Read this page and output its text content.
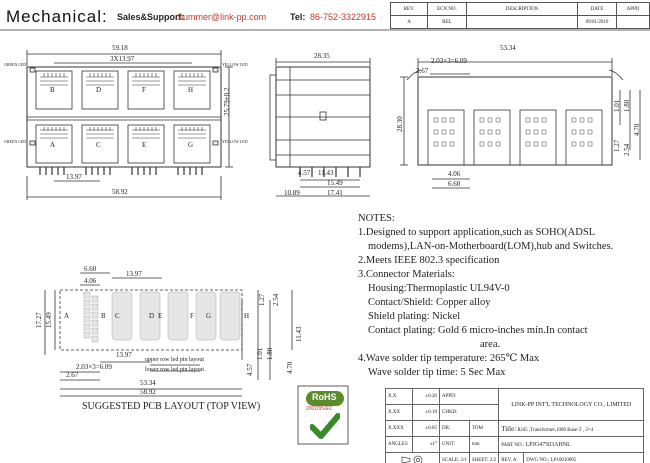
Mechanical: Sales&Support:
Summer@link-pp.com	Tel: 86-752-3322915
REV.	ECN NO.	DESCRIPTION	DATE	APPD
A	REL		09/01/2010	
59.18
3X13.97
25.79±0.2
13.97
58.92
GREEN LED	YELLOW LED
GREEN LED	YELLOW LED
B	D	F	H
A	C	E	G
28.35
11.43
4.57
15.49
17.41
10.89
53.34
2.03×3=6.09
2.67
28.30
1.01 1.80
1.27 2.54
4.70
4.06
6.60
6.60
4.06
13.97
17.27 15.49
13.97
upper row led pin layout
lower row led pin layout
2.03×3=6.09
2.67
53.34
58.92
1.27 2.54
11.43
4.57
1.01 1.80
4.70
A	B C	D E	F G	H
SUGGESTED PCB LAYOUT (TOP VIEW)
NOTES:
1.Designed to support application,such as SOHO(ADSL
modems),LAN-on-Motherboard(LOM),hub and Switches.
2.Meets IEEE 802.3 specification
3.Connector Materials:
Housing:Thermoplastic UL94V-0
Contact/Shield: Copper alloy
Shield plating: Nickel
Contact plating: Gold 6 micro-inches min.In contact
area.
4.Wave solder tip temperature: 265℃ Max
Wave solder tip time: 5 Sec Max
RoHS
2002/95/EC
X.X	±0.20	APPD:		LINK-PP INT'L TECHNOLOGY CO., LIMITED	
X.XX	±0.10	CHKD:			
X.XXX	±0.05	DR:	TOM	Title: RJ45 ,Transformer,1000 Base-T , 2×4	
ANGLES	±1°	UNIT:	mm	PART NO.: LPJG47503AHNL	
	SCALE: 2/1	SHEET: 2/2	REV. A	DWG NO.: LP10010005
